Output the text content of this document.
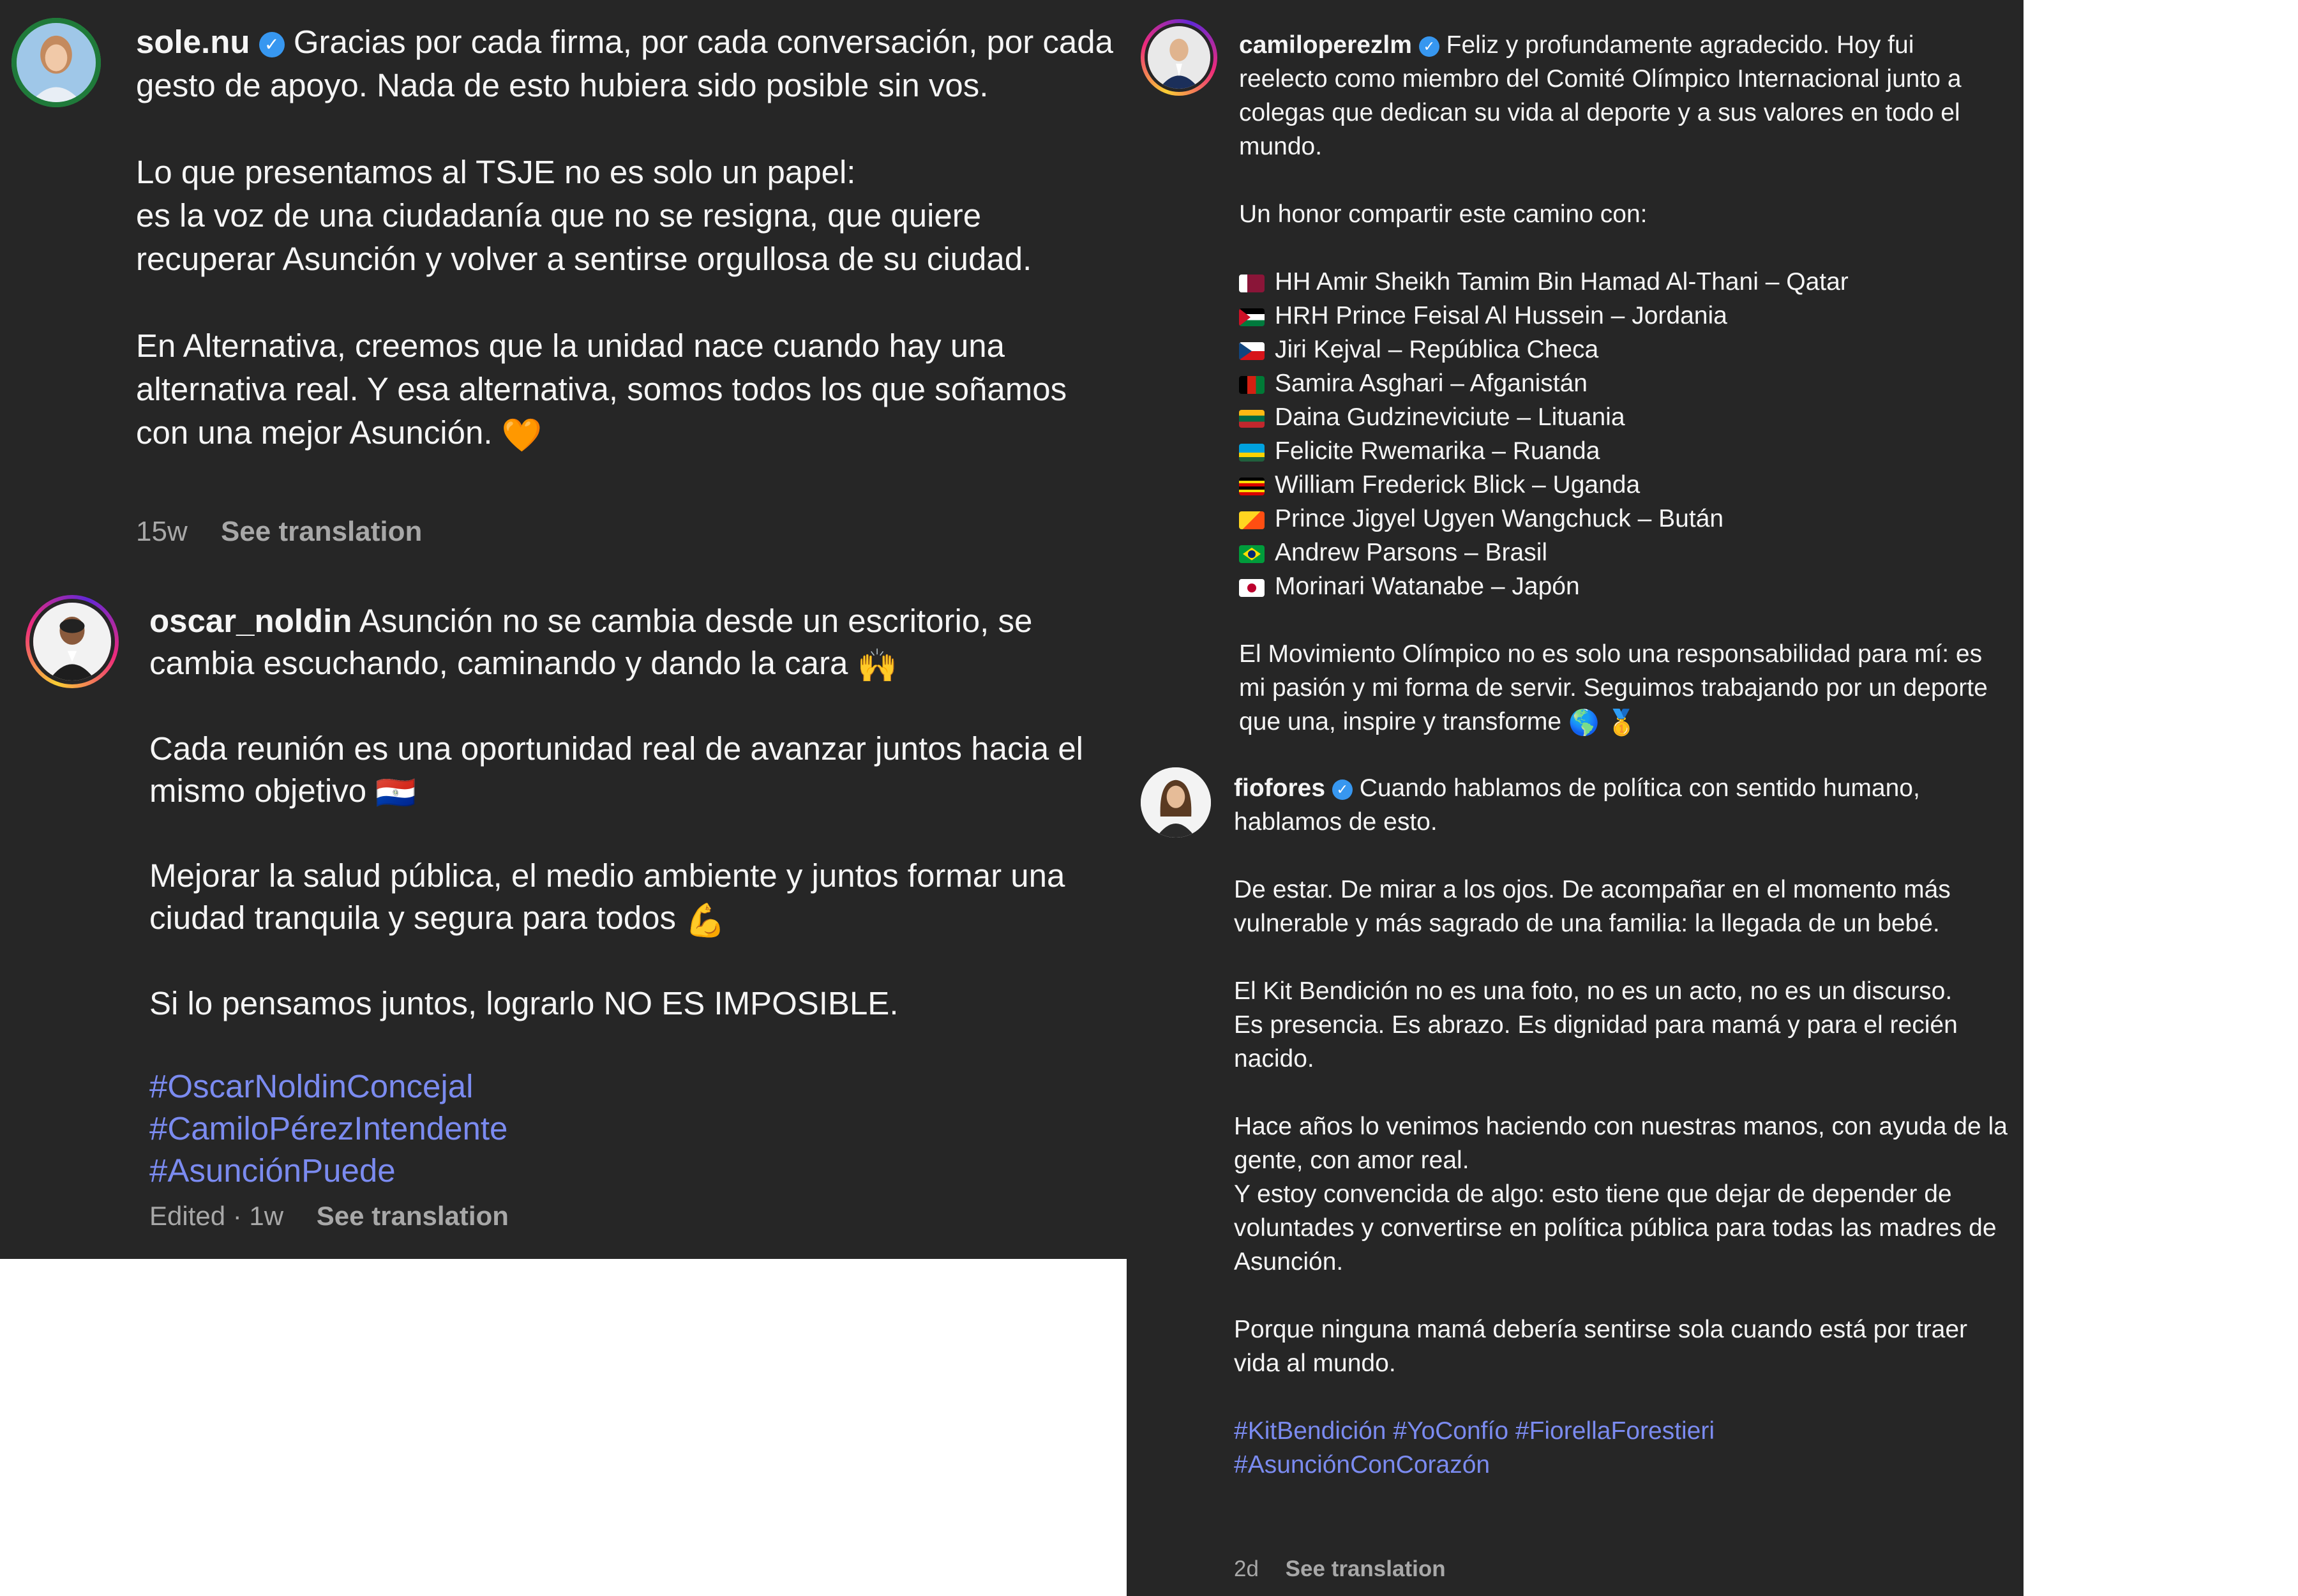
sole.nu ✓ Gracias por cada firma, por cada conversación, por cada gesto de apoyo. Nada de esto hubiera sido posible sin vos.

Lo que presentamos al TSJE no es solo un papel:

es la voz de una ciudadanía que no se resigna, que quiere recuperar Asunción y volver a sentirse orgullosa de su ciudad.

En Alternativa, creemos que la unidad nace cuando hay una alternativa real. Y esa alternativa, somos todos los que soñamos con una mejor Asunción. 🧡

15w See translation

oscar_noldin Asunción no se cambia desde un escritorio, se cambia escuchando, caminando y dando la cara 🙌

Cada reunión es una oportunidad real de avanzar juntos hacia el mismo objetivo 🇵🇾

Mejorar la salud pública, el medio ambiente y juntos formar una ciudad tranquila y segura para todos 💪

Si lo pensamos juntos, lograrlo NO ES IMPOSIBLE.

#OscarNoldinConcejal

#CamiloPérezIntendente

#AsunciónPuede

Edited · 1w See translation

camiloperezlm ✓ Feliz y profundamente agradecido. Hoy fui reelecto como miembro del Comité Olímpico Internacional junto a colegas que dedican su vida al deporte y a sus valores en todo el mundo.

Un honor compartir este camino con:

HH Amir Sheikh Tamim Bin Hamad Al-Thani – Qatar

HRH Prince Feisal Al Hussein – Jordania

Jiri Kejval – República Checa

Samira Asghari – Afganistán

Daina Gudzineviciute – Lituania

Felicite Rwemarika – Ruanda

William Frederick Blick – Uganda

Prince Jigyel Ugyen Wangchuck – Bután

Andrew Parsons – Brasil

Morinari Watanabe – Japón

El Movimiento Olímpico no es solo una responsabilidad para mí: es mi pasión y mi forma de servir. Seguimos trabajando por un deporte que una, inspire y transforme 🌎 🥇

fiofores ✓ Cuando hablamos de política con sentido humano, hablamos de esto.

De estar. De mirar a los ojos. De acompañar en el momento más vulnerable y más sagrado de una familia: la llegada de un bebé.

El Kit Bendición no es una foto, no es un acto, no es un discurso.

Es presencia. Es abrazo. Es dignidad para mamá y para el recién nacido.

Hace años lo venimos haciendo con nuestras manos, con ayuda de la gente, con amor real.

Y estoy convencida de algo: esto tiene que dejar de depender de voluntades y convertirse en política pública para todas las madres de Asunción.

Porque ninguna mamá debería sentirse sola cuando está por traer vida al mundo.

#KitBendición #YoConfío #FiorellaForestieri

#AsunciónConCorazón

2d See translation
